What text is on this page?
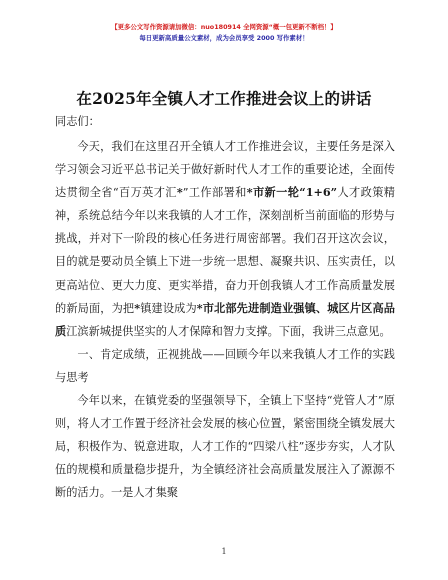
【更多公文写作资源请加微信：nuo180914 全网资源“概一包更新不断档！】
每日更新高质量公文素材，成为会员享受 2000 写作素材！
在2025年全镇人才工作推进会议上的讲话
同志们：

今天，我们在这里召开全镇人才工作推进会议，主要任务是深入学习领会习近平总书记关于做好新时代人才工作的重要论述，全面传达贯彻全省“百万英才汇*”工作部署和*市新一轮“1+6”人才政策精神，系统总结今年以来我镇的人才工作，深刻剖析当前面临的形势与挑战，并对下一阶段的核心任务进行周密部署。我们召开这次会议，目的就是要动员全镇上下进一步统一思想、凝聚共识、压实责任，以更高站位、更大力度、更实举措，奋力开创我镇人才工作高质量发展的新局面，为把*镇建设成为*市北部先进制造业强镇、城区片区高品质江滨新城提供坚实的人才保障和智力支撑。下面，我讲三点意见。

一、肯定成绩，正视挑战——回顾今年以来我镇人才工作的实践与思考

今年以来，在镇党委的坚强领导下，全镇上下坚持“党管人才”原则，将人才工作置于经济社会发展的核心位置，紧密围绕全镇发展大局，积极作为、锐意进取，人才工作的“四梁八柱”逐步夯实，人才队伍的规模和质量稳步提升，为全镇经济社会高质量发展注入了源源不断的活力。一是人才集聚

1
